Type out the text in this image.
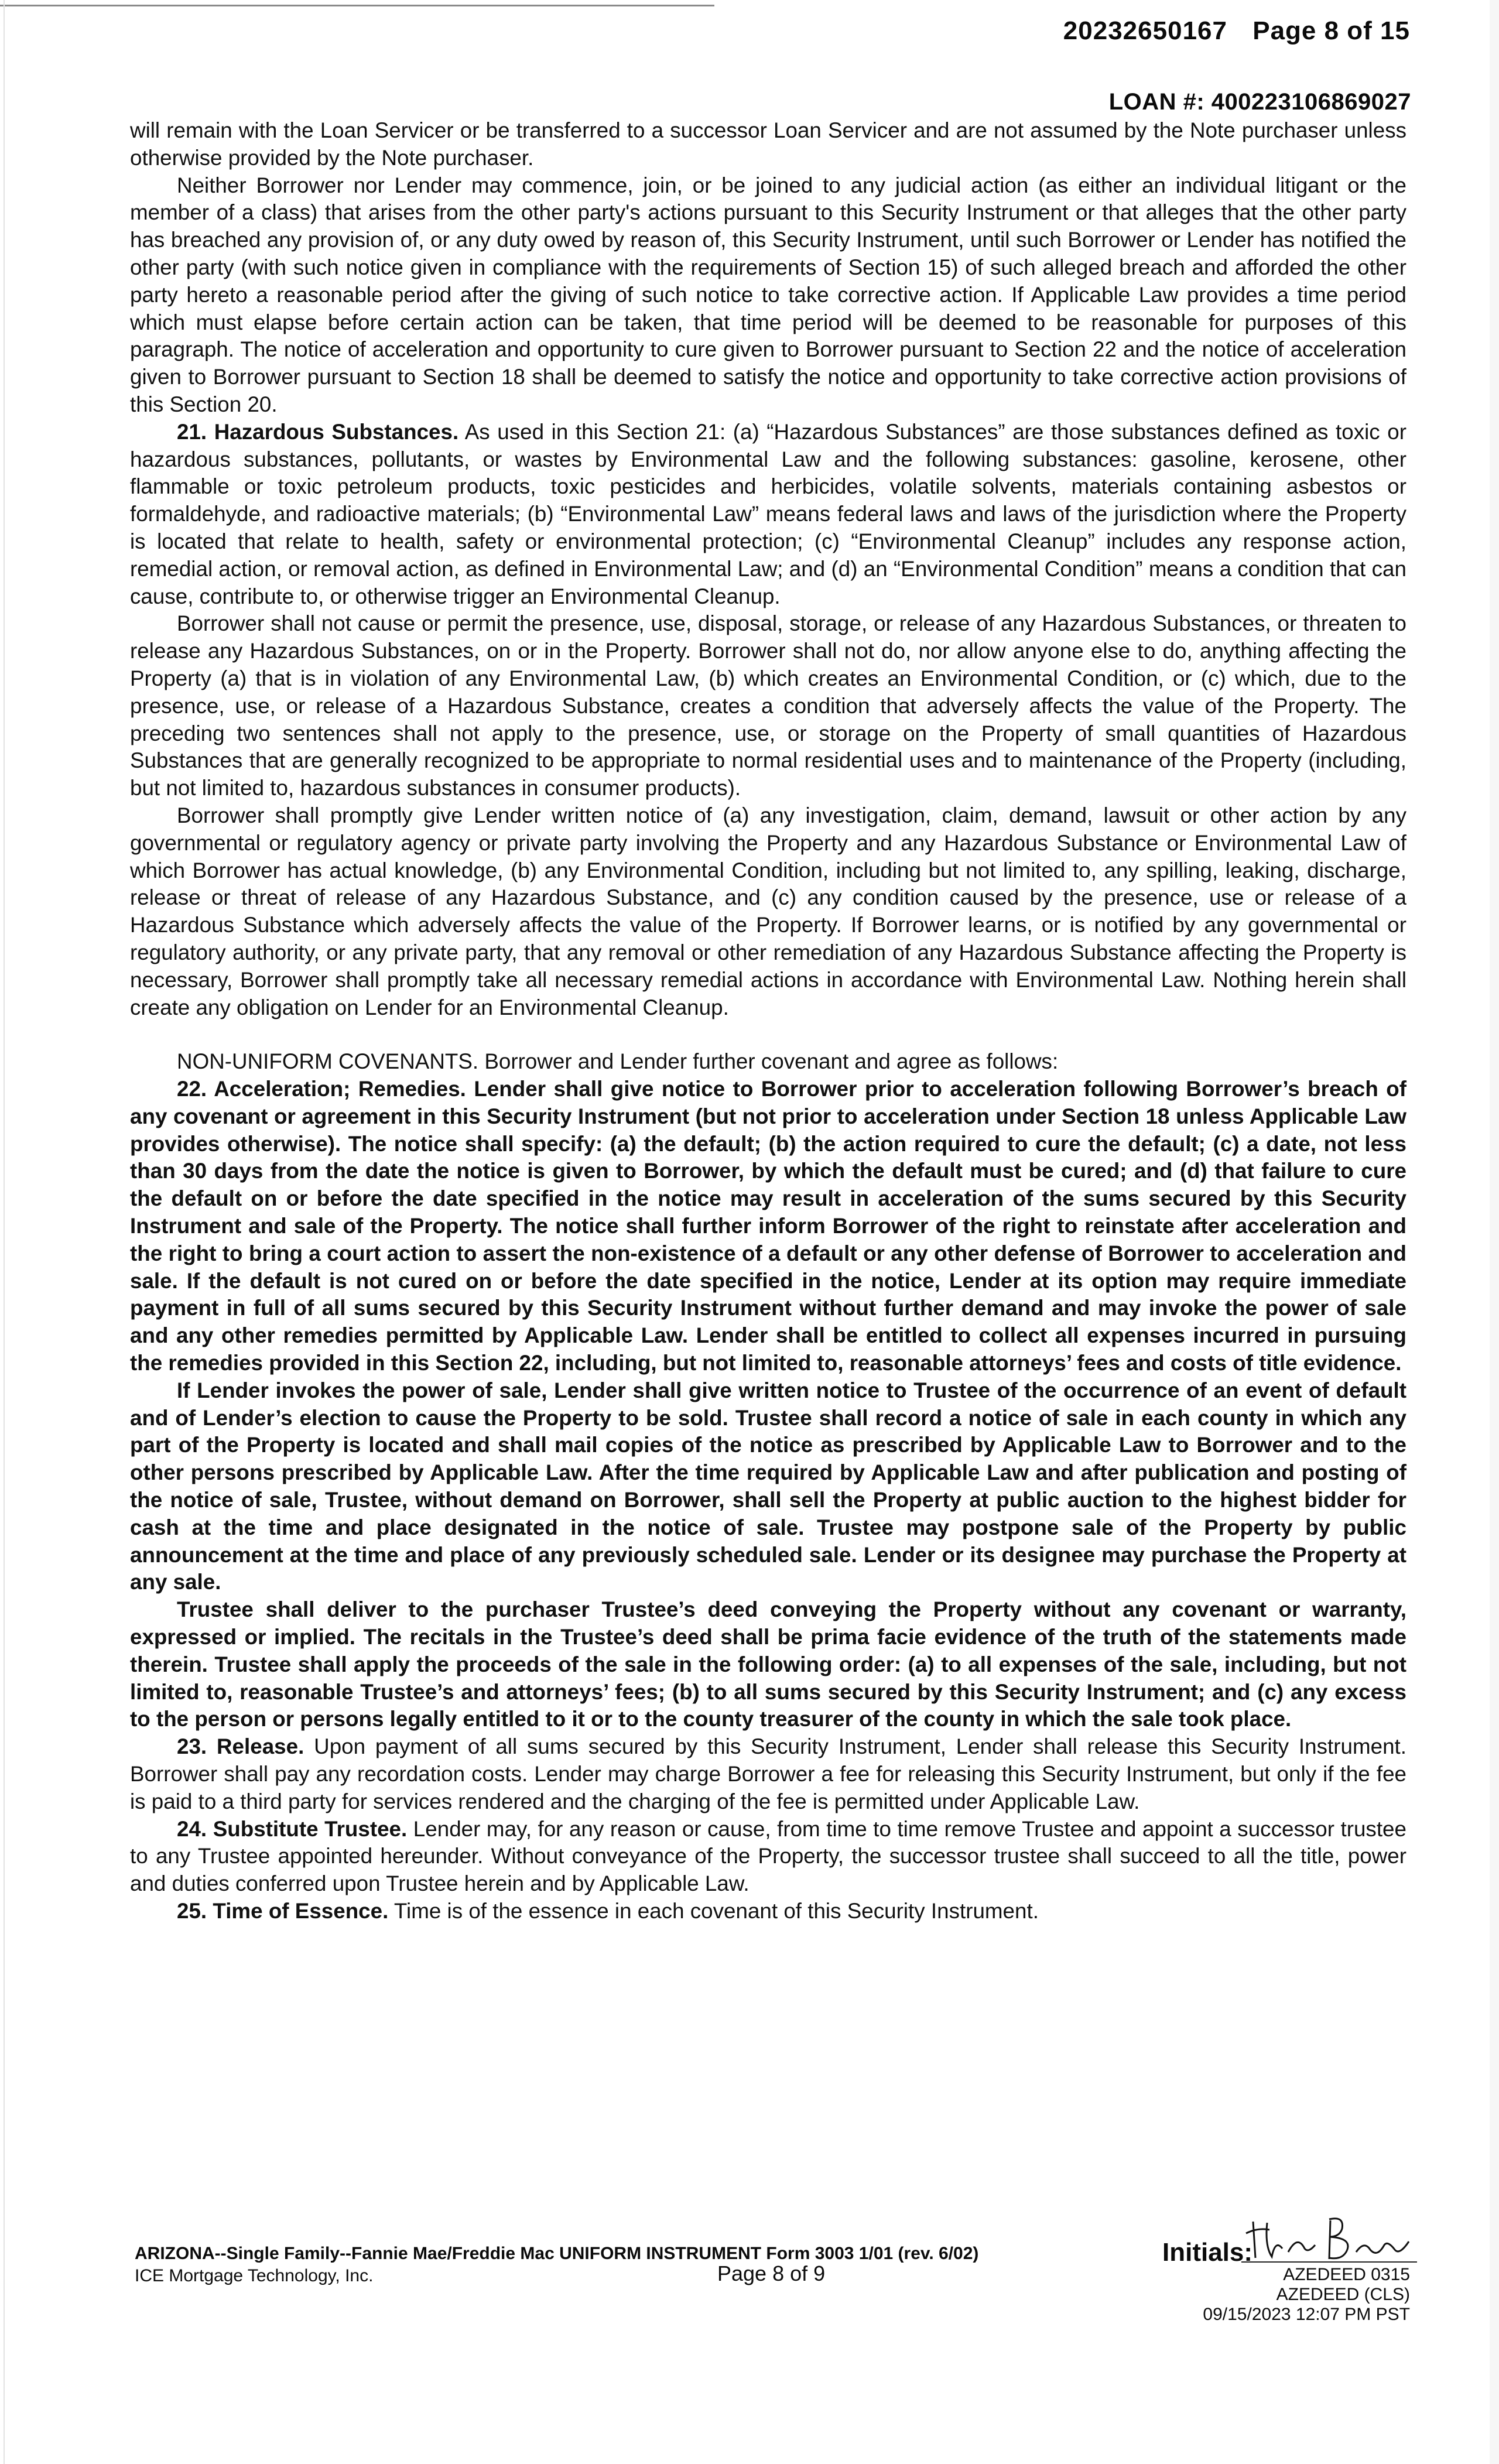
20232650167 Page 8 of 15
LOAN #: 400223106869027

will remain with the Loan Servicer or be transferred to a successor Loan Servicer and are not assumed by the Note purchaser unless otherwise provided by the Note purchaser.

Neither Borrower nor Lender may commence, join, or be joined to any judicial action (as either an individual litigant or the member of a class) that arises from the other party's actions pursuant to this Security Instrument or that alleges that the other party has breached any provision of, or any duty owed by reason of, this Security Instrument, until such Borrower or Lender has notified the other party (with such notice given in compliance with the requirements of Section 15) of such alleged breach and afforded the other party hereto a reasonable period after the giving of such notice to take corrective action. If Applicable Law provides a time period which must elapse before certain action can be taken, that time period will be deemed to be reasonable for purposes of this paragraph. The notice of acceleration and opportunity to cure given to Borrower pursuant to Section 22 and the notice of acceleration given to Borrower pursuant to Section 18 shall be deemed to satisfy the notice and opportunity to take corrective action provisions of this Section 20.

21. Hazardous Substances. As used in this Section 21: (a) “Hazardous Substances” are those substances defined as toxic or hazardous substances, pollutants, or wastes by Environmental Law and the following substances: gasoline, kerosene, other flammable or toxic petroleum products, toxic pesticides and herbicides, volatile solvents, materials containing asbestos or formaldehyde, and radioactive materials; (b) “Environmental Law” means federal laws and laws of the jurisdiction where the Property is located that relate to health, safety or environmental protection; (c) “Environmental Cleanup” includes any response action, remedial action, or removal action, as defined in Environmental Law; and (d) an “Environmental Condition” means a condition that can cause, contribute to, or otherwise trigger an Environmental Cleanup.

Borrower shall not cause or permit the presence, use, disposal, storage, or release of any Hazardous Substances, or threaten to release any Hazardous Substances, on or in the Property. Borrower shall not do, nor allow anyone else to do, anything affecting the Property (a) that is in violation of any Environmental Law, (b) which creates an Environmental Condition, or (c) which, due to the presence, use, or release of a Hazardous Substance, creates a condition that adversely affects the value of the Property. The preceding two sentences shall not apply to the presence, use, or storage on the Property of small quantities of Hazardous Substances that are generally recognized to be appropriate to normal residential uses and to maintenance of the Property (including, but not limited to, hazardous substances in consumer products).

Borrower shall promptly give Lender written notice of (a) any investigation, claim, demand, lawsuit or other action by any governmental or regulatory agency or private party involving the Property and any Hazardous Substance or Environmental Law of which Borrower has actual knowledge, (b) any Environmental Condition, including but not limited to, any spilling, leaking, discharge, release or threat of release of any Hazardous Substance, and (c) any condition caused by the presence, use or release of a Hazardous Substance which adversely affects the value of the Property. If Borrower learns, or is notified by any governmental or regulatory authority, or any private party, that any removal or other remediation of any Hazardous Substance affecting the Property is necessary, Borrower shall promptly take all necessary remedial actions in accordance with Environmental Law. Nothing herein shall create any obligation on Lender for an Environmental Cleanup.

NON-UNIFORM COVENANTS. Borrower and Lender further covenant and agree as follows:

22. Acceleration; Remedies. Lender shall give notice to Borrower prior to acceleration following Borrower’s breach of any covenant or agreement in this Security Instrument (but not prior to acceleration under Section 18 unless Applicable Law provides otherwise). The notice shall specify: (a) the default; (b) the action required to cure the default; (c) a date, not less than 30 days from the date the notice is given to Borrower, by which the default must be cured; and (d) that failure to cure the default on or before the date specified in the notice may result in acceleration of the sums secured by this Security Instrument and sale of the Property. The notice shall further inform Borrower of the right to reinstate after acceleration and the right to bring a court action to assert the non-existence of a default or any other defense of Borrower to acceleration and sale. If the default is not cured on or before the date specified in the notice, Lender at its option may require immediate payment in full of all sums secured by this Security Instrument without further demand and may invoke the power of sale and any other remedies permitted by Applicable Law. Lender shall be entitled to collect all expenses incurred in pursuing the remedies provided in this Section 22, including, but not limited to, reasonable attorneys’ fees and costs of title evidence.

If Lender invokes the power of sale, Lender shall give written notice to Trustee of the occurrence of an event of default and of Lender’s election to cause the Property to be sold. Trustee shall record a notice of sale in each county in which any part of the Property is located and shall mail copies of the notice as prescribed by Applicable Law to Borrower and to the other persons prescribed by Applicable Law. After the time required by Applicable Law and after publication and posting of the notice of sale, Trustee, without demand on Borrower, shall sell the Property at public auction to the highest bidder for cash at the time and place designated in the notice of sale. Trustee may postpone sale of the Property by public announcement at the time and place of any previously scheduled sale. Lender or its designee may purchase the Property at any sale.

Trustee shall deliver to the purchaser Trustee’s deed conveying the Property without any covenant or warranty, expressed or implied. The recitals in the Trustee’s deed shall be prima facie evidence of the truth of the statements made therein. Trustee shall apply the proceeds of the sale in the following order: (a) to all expenses of the sale, including, but not limited to, reasonable Trustee’s and attorneys’ fees; (b) to all sums secured by this Security Instrument; and (c) any excess to the person or persons legally entitled to it or to the county treasurer of the county in which the sale took place.

23. Release. Upon payment of all sums secured by this Security Instrument, Lender shall release this Security Instrument. Borrower shall pay any recordation costs. Lender may charge Borrower a fee for releasing this Security Instrument, but only if the fee is paid to a third party for services rendered and the charging of the fee is permitted under Applicable Law.

24. Substitute Trustee. Lender may, for any reason or cause, from time to time remove Trustee and appoint a successor trustee to any Trustee appointed hereunder. Without conveyance of the Property, the successor trustee shall succeed to all the title, power and duties conferred upon Trustee herein and by Applicable Law.

25. Time of Essence. Time is of the essence in each covenant of this Security Instrument.

ARIZONA--Single Family--Fannie Mae/Freddie Mac UNIFORM INSTRUMENT Form 3003 1/01 (rev. 6/02)
ICE Mortgage Technology, Inc.	Page 8 of 9
Initials:
AZEDEED 0315
AZEDEED (CLS)
09/15/2023 12:07 PM PST
